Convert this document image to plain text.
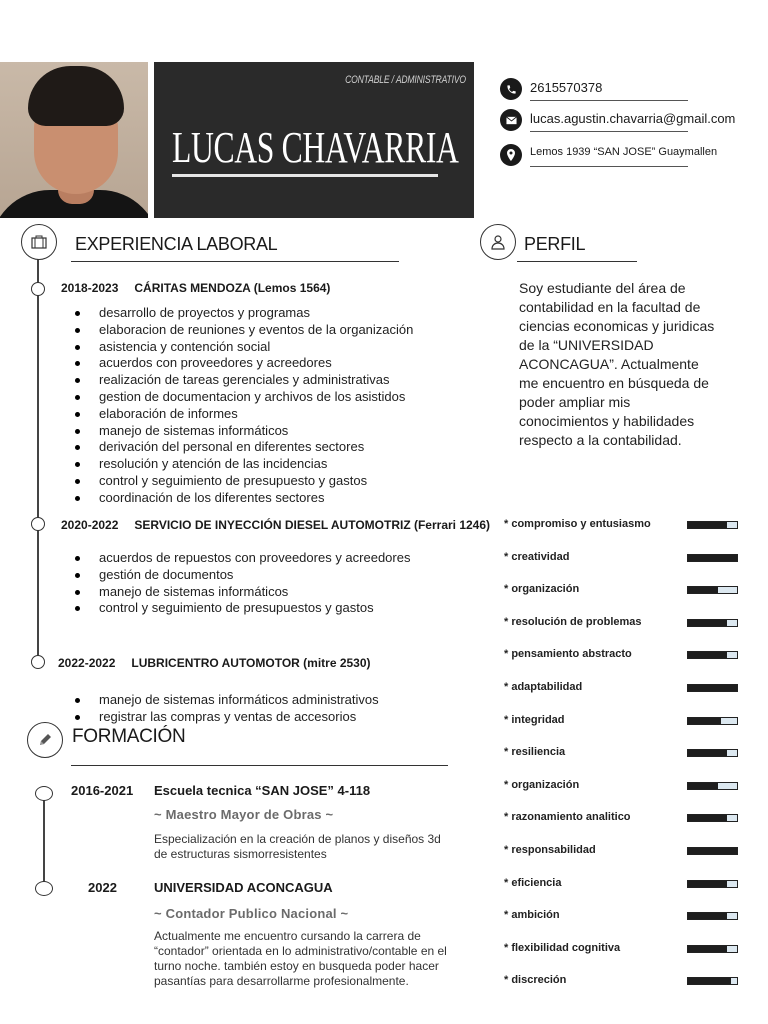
CONTABLE / ADMINISTRATIVO
LUCAS CHAVARRIA
2615570378
lucas.agustin.chavarria@gmail.com
Lemos 1939 “SAN JOSE” Guaymallen
EXPERIENCIA LABORAL
2018-2023 CÁRITAS MENDOZA (Lemos 1564)
desarrollo de proyectos y programas
elaboracion de reuniones y eventos de la organización
asistencia y contención social
acuerdos con proveedores y acreedores
realización de tareas gerenciales y administrativas
gestion de documentacion y archivos de los asistidos
elaboración de informes
manejo de sistemas informáticos
derivación del personal en diferentes sectores
resolución y atención de las incidencias
control y seguimiento de presupuesto y gastos
coordinación de los diferentes sectores
2020-2022 SERVICIO DE INYECCIÓN DIESEL AUTOMOTRIZ (Ferrari 1246)
acuerdos de repuestos con proveedores y acreedores
gestión de documentos
manejo de sistemas informáticos
control y seguimiento de presupuestos y gastos
2022-2022 LUBRICENTRO AUTOMOTOR (mitre 2530)
manejo de sistemas informáticos administrativos
registrar las compras y ventas de accesorios
PERFIL
Soy estudiante del área de contabilidad en la facultad de ciencias economicas y juridicas de la “UNIVERSIDAD ACONCAGUA”. Actualmente me encuentro en búsqueda de poder ampliar mis conocimientos y habilidades respecto a la contabilidad.
* compromiso y entusiasmo
* creatividad
* organización
* resolución de problemas
* pensamiento abstracto
* adaptabilidad
* integridad
* resiliencia
* organización
* razonamiento analitico
* responsabilidad
* eficiencia
* ambición
* flexibilidad cognitiva
* discreción
FORMACIÓN
2016-2021 Escuela tecnica “SAN JOSE” 4-118
~ Maestro Mayor de Obras ~
Especialización en la creación de planos y diseños 3d
de estructuras sismorresistentes
2022	UNIVERSIDAD ACONCAGUA
~ Contador Publico Nacional ~
Actualmente me encuentro cursando la carrera de
“contador” orientada en lo administrativo/contable en el
turno noche. también estoy en busqueda poder hacer
pasantías para desarrollarme profesionalmente.
